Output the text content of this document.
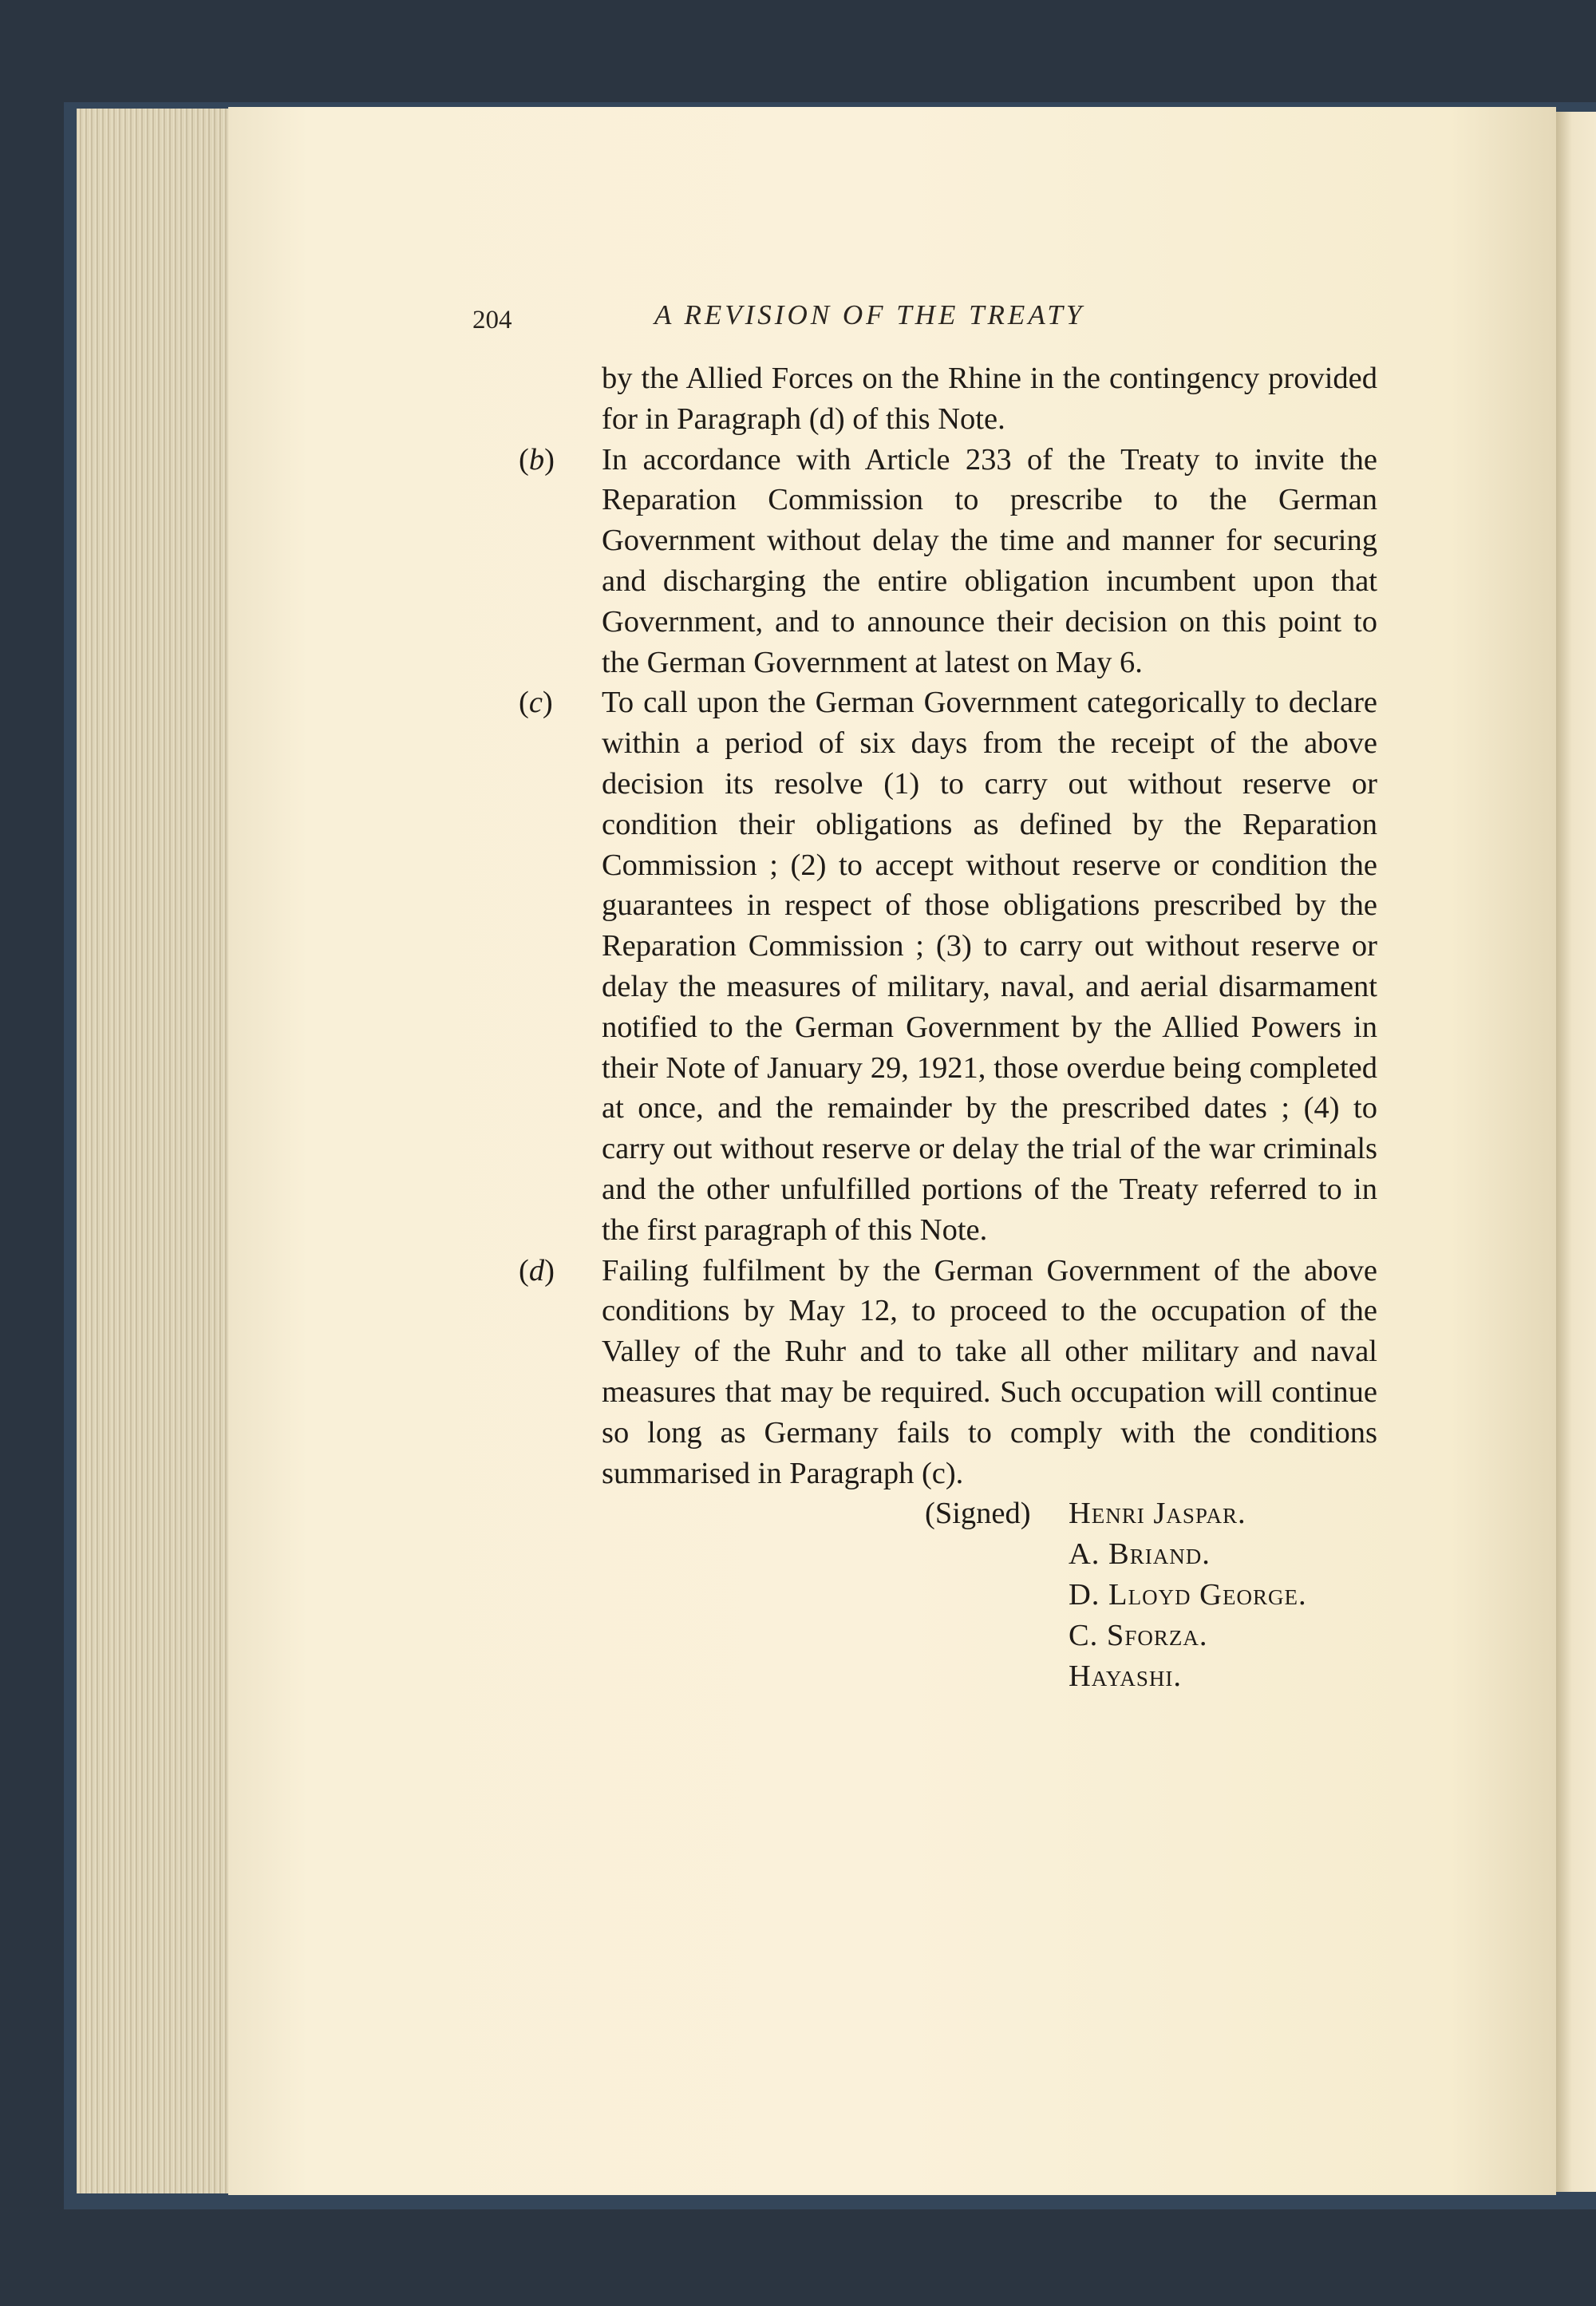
204	A REVISION OF THE TREATY

by the Allied Forces on the Rhine in the contingency provided for in Paragraph (d) of this Note.

(b) In accordance with Article 233 of the Treaty to invite the Reparation Commission to prescribe to the German Government without delay the time and manner for securing and discharging the entire obligation incumbent upon that Government, and to announce their decision on this point to the German Government at latest on May 6.

(c) To call upon the German Government categorically to declare within a period of six days from the receipt of the above decision its resolve (1) to carry out without reserve or condition their obligations as defined by the Reparation Commission ; (2) to accept without reserve or condition the guarantees in respect of those obligations prescribed by the Reparation Commission ; (3) to carry out without reserve or delay the measures of military, naval, and aerial disarmament notified to the German Government by the Allied Powers in their Note of January 29, 1921, those overdue being completed at once, and the remainder by the prescribed dates ; (4) to carry out without reserve or delay the trial of the war criminals and the other unfulfilled portions of the Treaty referred to in the first paragraph of this Note.

(d) Failing fulfilment by the German Government of the above conditions by May 12, to proceed to the occupation of the Valley of the Ruhr and to take all other military and naval measures that may be required. Such occupation will continue so long as Germany fails to comply with the conditions summarised in Paragraph (c).

(Signed) Henri Jaspar.
A. Briand.
D. Lloyd George.
C. Sforza.
Hayashi.
